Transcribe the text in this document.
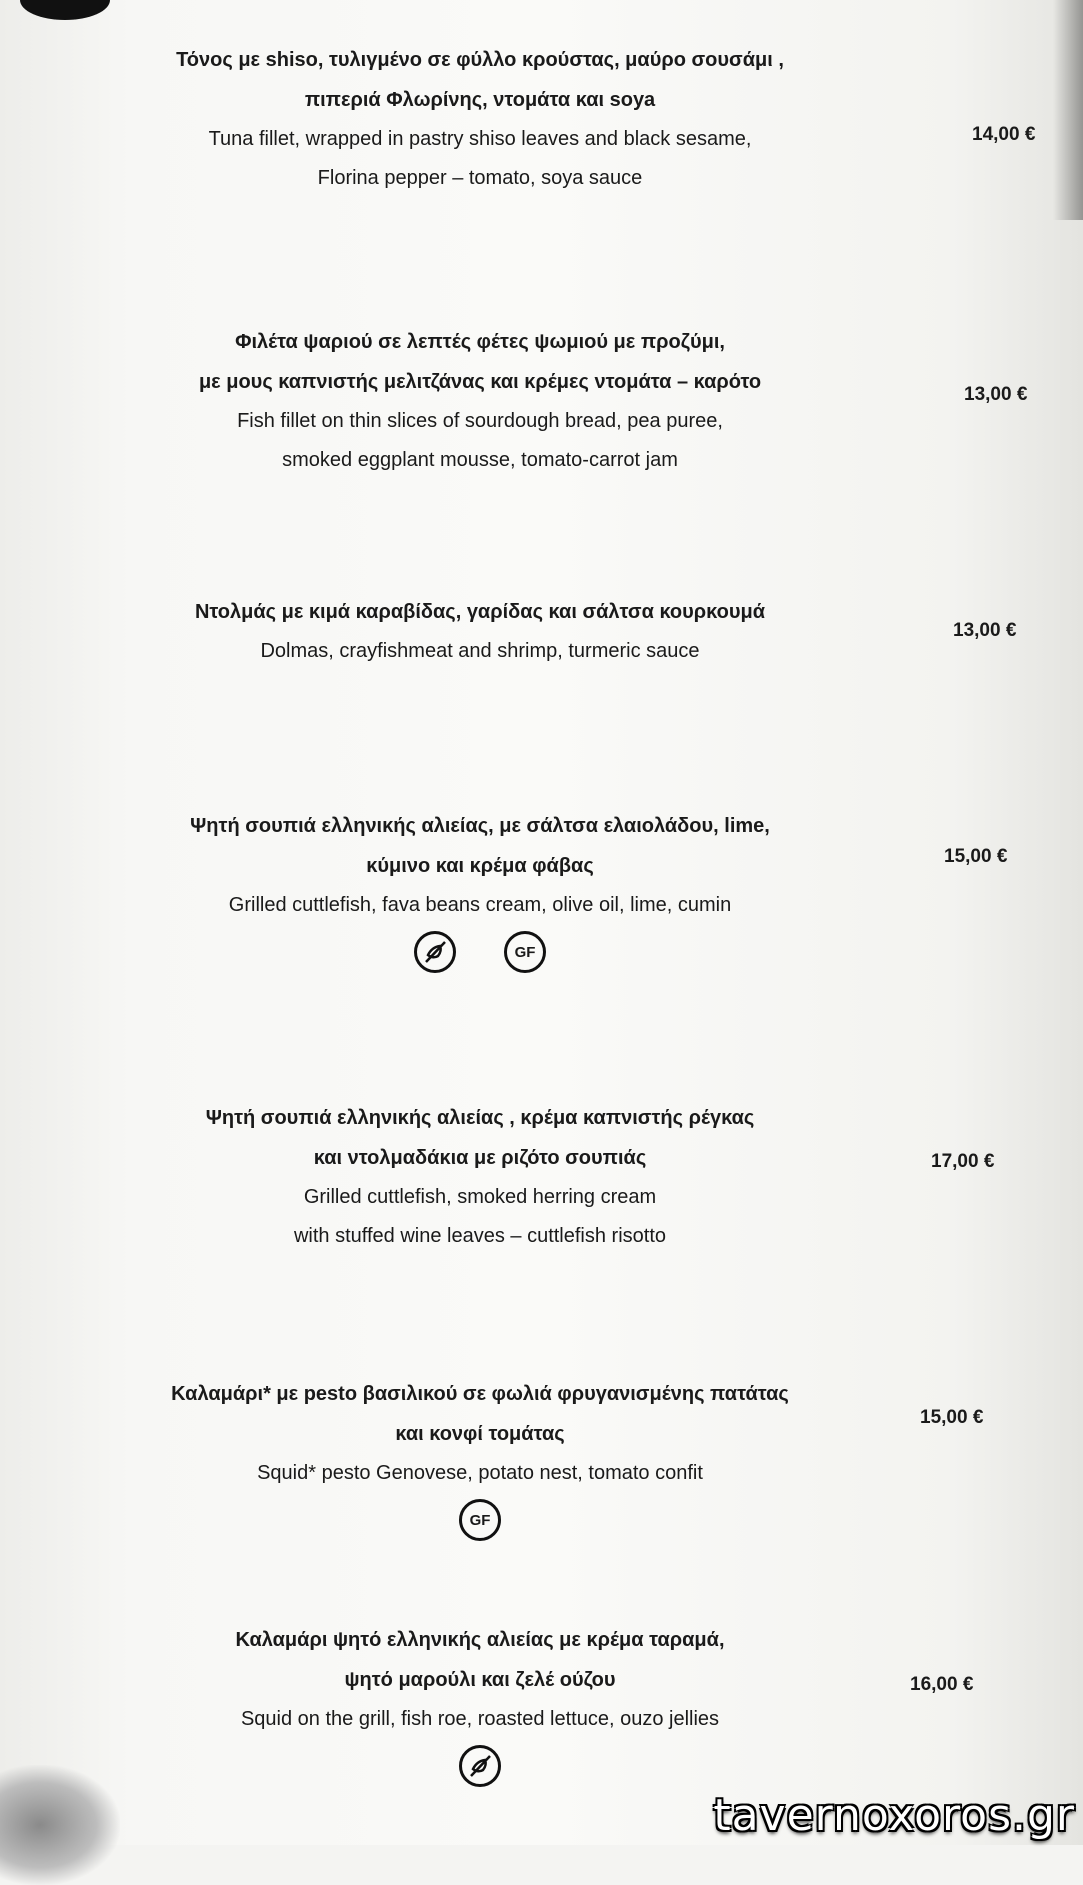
Τόνος με shiso, τυλιγμένο σε φύλλο κρούστας, μαύρο σουσάμι ,
πιπεριά Φλωρίνης, ντομάτα και soya
Tuna fillet, wrapped in pastry shiso leaves and black sesame,
Florina pepper – tomato, soya sauce
14,00 €
Φιλέτα ψαριού σε λεπτές φέτες ψωμιού με προζύμι,
με μους καπνιστής μελιτζάνας και κρέμες ντομάτα – καρότο
Fish fillet on thin slices of sourdough bread, pea puree,
smoked eggplant mousse, tomato-carrot jam
13,00 €
Ντολμάς με κιμά καραβίδας, γαρίδας και σάλτσα κουρκουμά
Dolmas, crayfishmeat and shrimp, turmeric sauce
13,00 €
Ψητή σουπιά ελληνικής αλιείας, με σάλτσα ελαιολάδου, lime,
κύμινο και κρέμα φάβας
Grilled cuttlefish, fava beans cream, olive oil, lime, cumin
GF
15,00 €
Ψητή σουπιά ελληνικής αλιείας , κρέμα καπνιστής ρέγκας
και ντολμαδάκια με ριζότο σουπιάς
Grilled cuttlefish, smoked herring cream
with stuffed wine leaves – cuttlefish risotto
17,00 €
Καλαμάρι* με pesto βασιλικού σε φωλιά φρυγανισμένης πατάτας
και κονφί τομάτας
Squid* pesto Genovese, potato nest, tomato confit
GF
15,00 €
Καλαμάρι ψητό ελληνικής αλιείας με κρέμα ταραμά,
ψητό μαρούλι και ζελέ ούζου
Squid on the grill, fish roe, roasted lettuce, ouzo jellies
16,00 €
tavernoxoros.gr
